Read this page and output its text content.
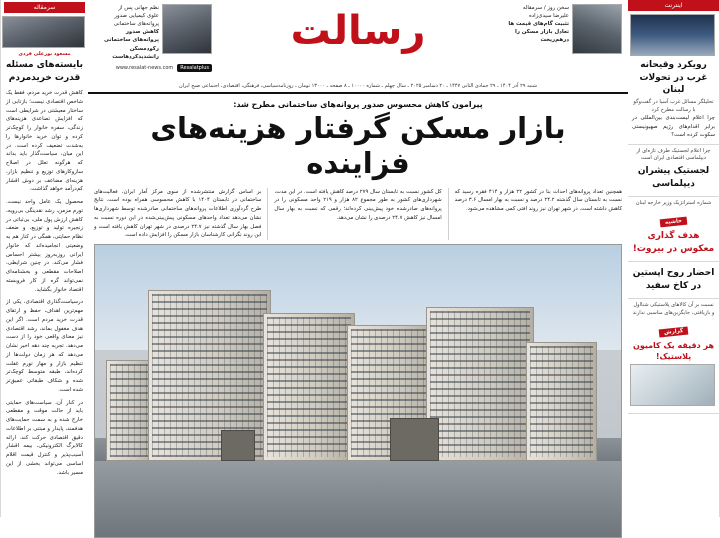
سرمقاله
مسعود پورعلی فردی
بایسته‌های مسئله قدرت خریدمردم
کاهش قدرت خرید مردم، فقط یک شاخص اقتصادی نیست؛ بازتابی از ساختار معیشتی در شرایطی است که افزایش تصاعدی هزینه‌های زندگی، سفره خانوار را کوچک‌تر کرده و توان خرید خانوارها را به‌شدت تضعیف کرده است. در این میان، سیاست‌گذار باید بداند که هرگونه تعلل در اصلاح سازوکارهای توزیع و تنظیم بازار، هزینه‌ای مضاعف بر دوش اقشار کم‌درآمد خواهد گذاشت.
محصول یک عامل واحد نیست. تورم مزمن، رشد نقدینگی بی‌رویه، کاهش ارزش پول ملی، بی‌ثباتی در زنجیره تولید و توزیع، و ضعف نظام حمایتی، همگی در کنار هم به وضعیتی انجامیده‌اند که خانوار ایرانی روزبه‌روز بیشتر احساس فشار می‌کند. در چنین شرایطی، اصلاحات مقطعی و بخشنامه‌ای نمی‌تواند گره از کار فروبسته اقتصاد خانوار بگشاید.
درسیاست‌گذاری اقتصادی، یکی از مهم‌ترین اهداف، حفظ و ارتقای قدرت خرید مردم است. اگر این هدف مغفول بماند، رشد اقتصادی نیز معنای واقعی خود را از دست می‌دهد. تجربه چند دهه اخیر نشان می‌دهد که هر زمان دولت‌ها از تنظیم بازار و مهار تورم غفلت کرده‌اند، طبقه متوسط کوچک‌تر شده و شکاف طبقاتی عمیق‌تر شده است.
در کنار آن، سیاست‌های حمایتی باید از حالت موقت و مقطعی خارج شده و به سمت حمایت‌های هدفمند، پایدار و مبتنی بر اطلاعات دقیق اقتصادی حرکت کند. ارائه کالابرگ الکترونیکی، بیمه اقشار آسیب‌پذیر و کنترل قیمت اقلام اساسی می‌تواند بخشی از این مسیر باشد.
سخن روز / سرمقاله
علیرضا سیدی‌زاده
تثبیت گام‌های قیمت ها
تعادل بازار مسکن را
درهم‌ریخت
رسالت
نظم جهانی پس از
علوی کیمیایی صدور پروانه‌های ساختمانی
کاهش صدور
پروانه‌های ساختمانی
رکودمسکن رانشدیدکردهاست
Resalatplus
www.resalat-news.com
شنبه ۲۹ آذر ۱۴۰۴ ـ ۲۹ جمادی الثانی ۱۴۴۷ ـ ۲۰ دسامبر ۲۰۲۵ ـ سال چهلم ـ شماره ۱۰۰۰۰ ـ ۸ صفحه ـ ۱۳۰۰۰ تومان ـ روزنامه‌سیاسی، فرهنگی، اقتصادی، اجتماعی صبح ایران
پیرامون کاهش محسوس صدور پروانه‌های ساختمانی مطرح شد:
بازار مسکن گرفتار هزینه‌های فزاینده
همچنین تعداد پروانه‌های احداث بنا در کشور ۲۲ هزار و ۴۱۴ فقره رسید که نسبت به تابستان سال گذشته ۲۴.۲ درصد و نسبت به بهار امسال ۳.۶ درصد کاهش داشته است. در شهر تهران نیز روند افتی کمی مشاهده می‌شود.
کل کشور نسبت به تابستان سال ۲۷۹ درصد کاهش یافته است. در این مدت، شهرداری‌های کشور به طور مجموع ۸۲ هزار و ۲۱۹ واحد مسکونی را در پروانه‌های صادرشده خود پیش‌بینی کرده‌اند؛ رقمی که نسبت به بهار سال امسال نیز کاهش ۲۴.۷ درصدی را نشان می‌دهد.
بر اساس گزارش منتشرشده از سوی مرکز آمار ایران، فعالیت‌های ساختمانی در تابستان ۱۴۰۴ با کاهش محسوسی همراه بوده است. نتایج طرح گردآوری اطلاعات پروانه‌های ساختمانی صادرشده توسط شهرداری‌ها نشان می‌دهد تعداد واحدهای مسکونی پیش‌بینی‌شده در این دوره نسبت به فصل بهار سال گذشته نیز ۲۴.۷ درصدی در شهر تهران کاهش یافته است و این روند نگرانی کارشناسان بازار مسکن را افزایش داده است.
اینترنت
رویکرد وقیحانه غرب در تحولات لبنان
تحلیلگر مسائل غرب آسیا در گفت‌وگو با رسالت مطرح کرد
چرا اعلام لیست‌بندی بین‌المللی در برابر اقدام‌های رژیم صهیونیستی سکوت کرده است؟
چرا اعلام لجستیک طرف تازه‌ای از دیپلماسی اقتصادی ایران است
لجستیک پیشران دیپلماسی
شماره استراتژیک وزیر خارجه لبنان
حاشیه
هدف گذاری معکوس در بیروت!
احضار روح اپستین در کاخ سفید
نسبت بر آن کالاهای پلاستیکی شنا‌اول و بازیافتی، جایگزین‌های مناسبی ندارند
گزارش
هر دقیقه یک کامیون پلاستیک!
